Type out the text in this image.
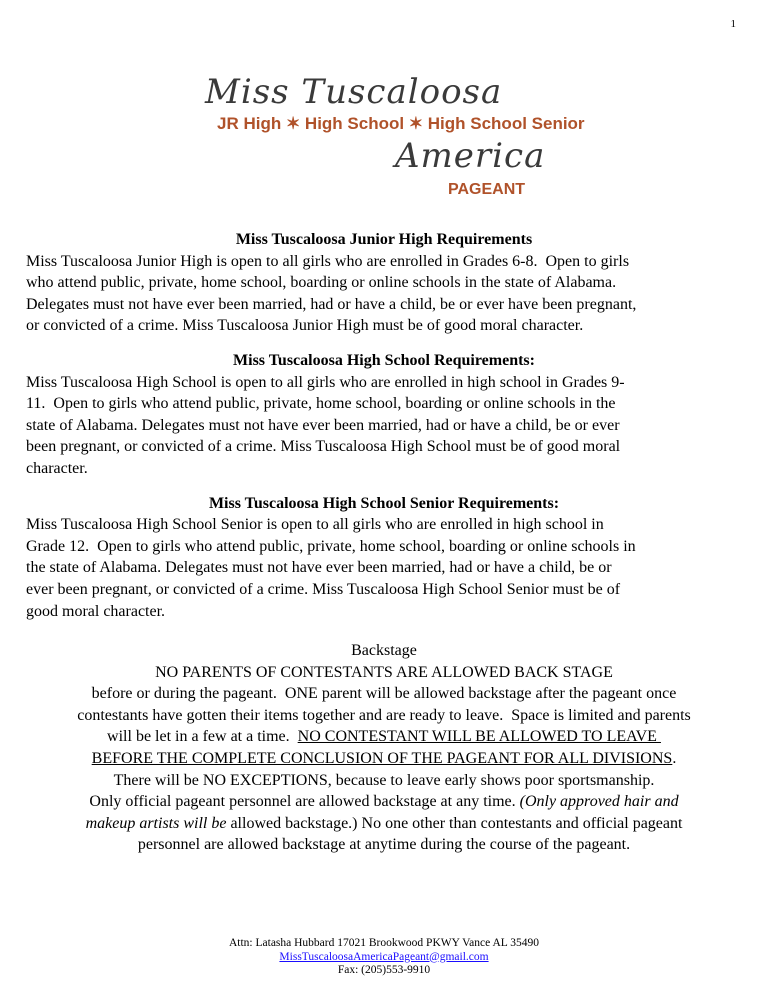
1
Miss Tuscaloosa
JR High ✶ High School ✶ High School Senior
America
PAGEANT
Miss Tuscaloosa Junior High Requirements
Miss Tuscaloosa Junior High is open to all girls who are enrolled in Grades 6-8.  Open to girls
who attend public, private, home school, boarding or online schools in the state of Alabama.
Delegates must not have ever been married, had or have a child, be or ever have been pregnant,
or convicted of a crime. Miss Tuscaloosa Junior High must be of good moral character.
Miss Tuscaloosa High School Requirements:
Miss Tuscaloosa High School is open to all girls who are enrolled in high school in Grades 9-
11.  Open to girls who attend public, private, home school, boarding or online schools in the
state of Alabama. Delegates must not have ever been married, had or have a child, be or ever
been pregnant, or convicted of a crime. Miss Tuscaloosa High School must be of good moral
character.
Miss Tuscaloosa High School Senior Requirements:
Miss Tuscaloosa High School Senior is open to all girls who are enrolled in high school in
Grade 12.  Open to girls who attend public, private, home school, boarding or online schools in
the state of Alabama. Delegates must not have ever been married, had or have a child, be or
ever been pregnant, or convicted of a crime. Miss Tuscaloosa High School Senior must be of
good moral character.
Backstage
NO PARENTS OF CONTESTANTS ARE ALLOWED BACK STAGE
before or during the pageant.  ONE parent will be allowed backstage after the pageant once
contestants have gotten their items together and are ready to leave.  Space is limited and parents
will be let in a few at a time.  NO CONTESTANT WILL BE ALLOWED TO LEAVE
BEFORE THE COMPLETE CONCLUSION OF THE PAGEANT FOR ALL DIVISIONS.
There will be NO EXCEPTIONS, because to leave early shows poor sportsmanship.
Only official pageant personnel are allowed backstage at any time. (Only approved hair and
makeup artists will be allowed backstage.) No one other than contestants and official pageant
personnel are allowed backstage at anytime during the course of the pageant.
Attn: Latasha Hubbard 17021 Brookwood PKWY Vance AL 35490
MissTuscaloosaAmericaPageant@gmail.com
Fax: (205)553-9910
